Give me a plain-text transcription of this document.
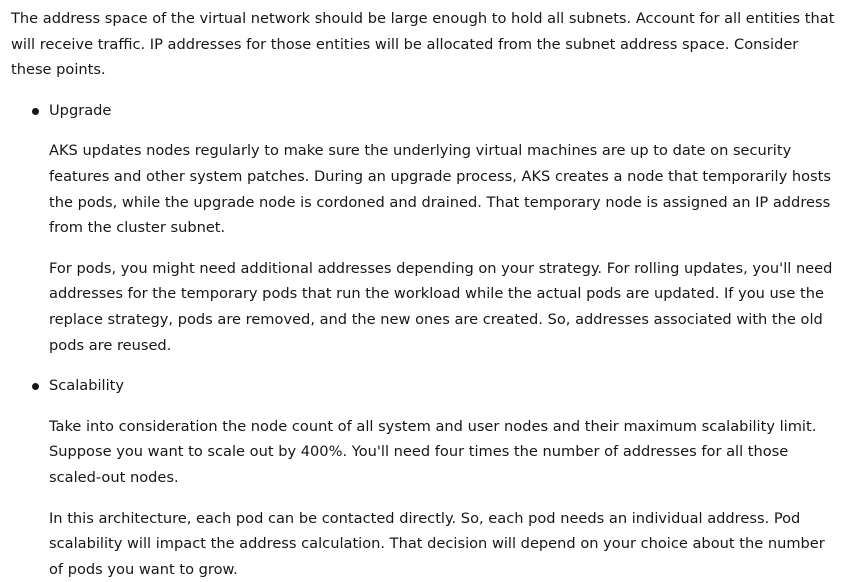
The address space of the virtual network should be large enough to hold all subnets. Account for all entities that will receive traffic. IP addresses for those entities will be allocated from the subnet address space. Consider these points.

Upgrade

AKS updates nodes regularly to make sure the underlying virtual machines are up to date on security features and other system patches. During an upgrade process, AKS creates a node that temporarily hosts the pods, while the upgrade node is cordoned and drained. That temporary node is assigned an IP address from the cluster subnet.

For pods, you might need additional addresses depending on your strategy. For rolling updates, you'll need addresses for the temporary pods that run the workload while the actual pods are updated. If you use the replace strategy, pods are removed, and the new ones are created. So, addresses associated with the old pods are reused.

Scalability

Take into consideration the node count of all system and user nodes and their maximum scalability limit. Suppose you want to scale out by 400%. You'll need four times the number of addresses for all those scaled-out nodes.

In this architecture, each pod can be contacted directly. So, each pod needs an individual address. Pod scalability will impact the address calculation. That decision will depend on your choice about the number of pods you want to grow.
